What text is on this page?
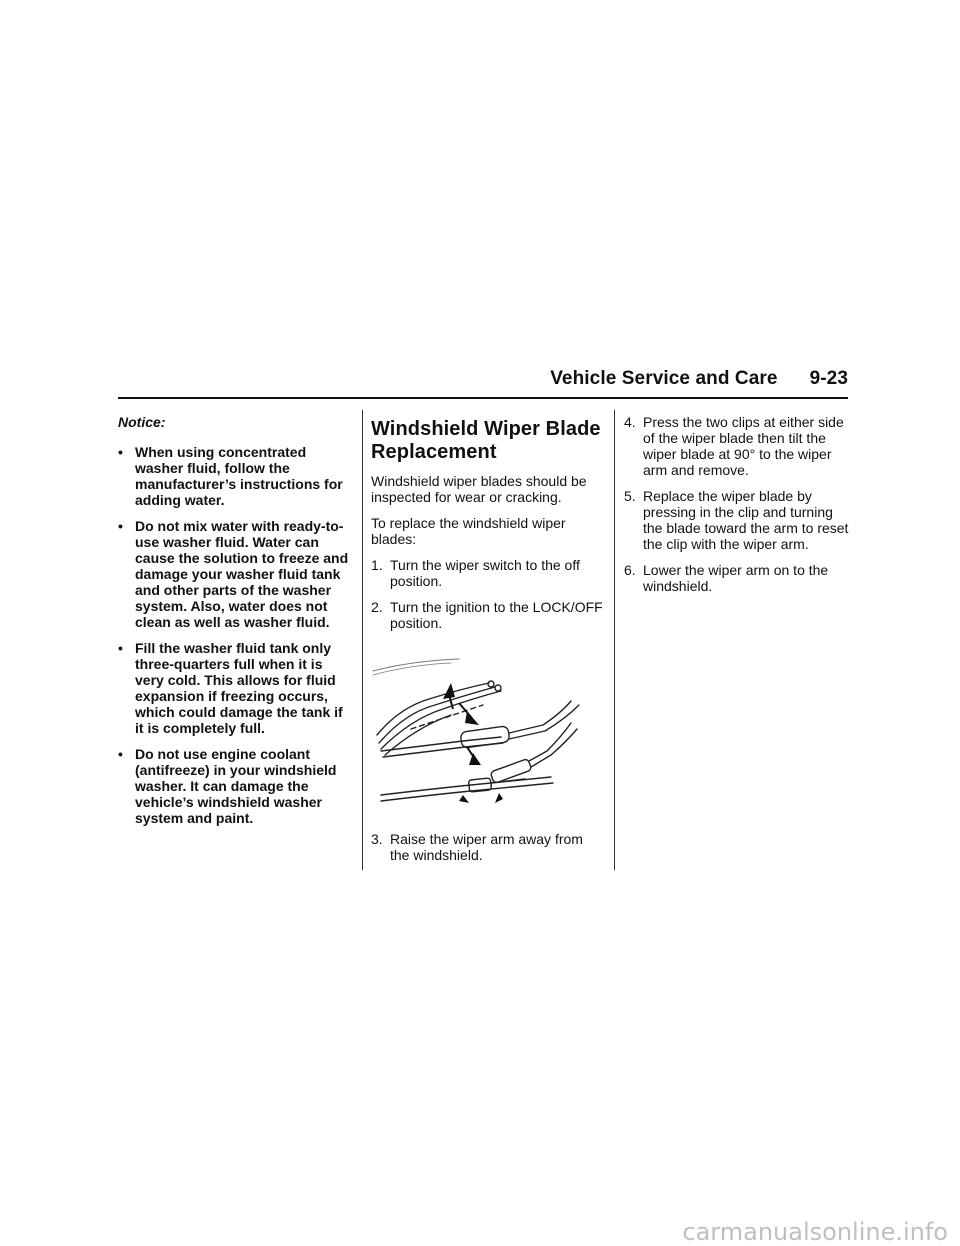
Vehicle Service and Care 9-23
Notice:
• When using concentrated washer fluid, follow the manufacturer’s instructions for adding water.
• Do not mix water with ready-to-use washer fluid. Water can cause the solution to freeze and damage your washer fluid tank and other parts of the washer system. Also, water does not clean as well as washer fluid.
• Fill the washer fluid tank only three-quarters full when it is very cold. This allows for fluid expansion if freezing occurs, which could damage the tank if it is completely full.
• Do not use engine coolant (antifreeze) in your windshield washer. It can damage the vehicle’s windshield washer system and paint.
Windshield Wiper Blade Replacement

Windshield wiper blades should be inspected for wear or cracking.

To replace the windshield wiper blades:

1. Turn the wiper switch to the off position.
2. Turn the ignition to the LOCK/OFF position.
3. Raise the wiper arm away from the windshield.
4. Press the two clips at either side of the wiper blade then tilt the wiper blade at 90° to the wiper arm and remove.
5. Replace the wiper blade by pressing in the clip and turning the blade toward the arm to reset the clip with the wiper arm.
6. Lower the wiper arm on to the windshield.
carmanualsonline.info
